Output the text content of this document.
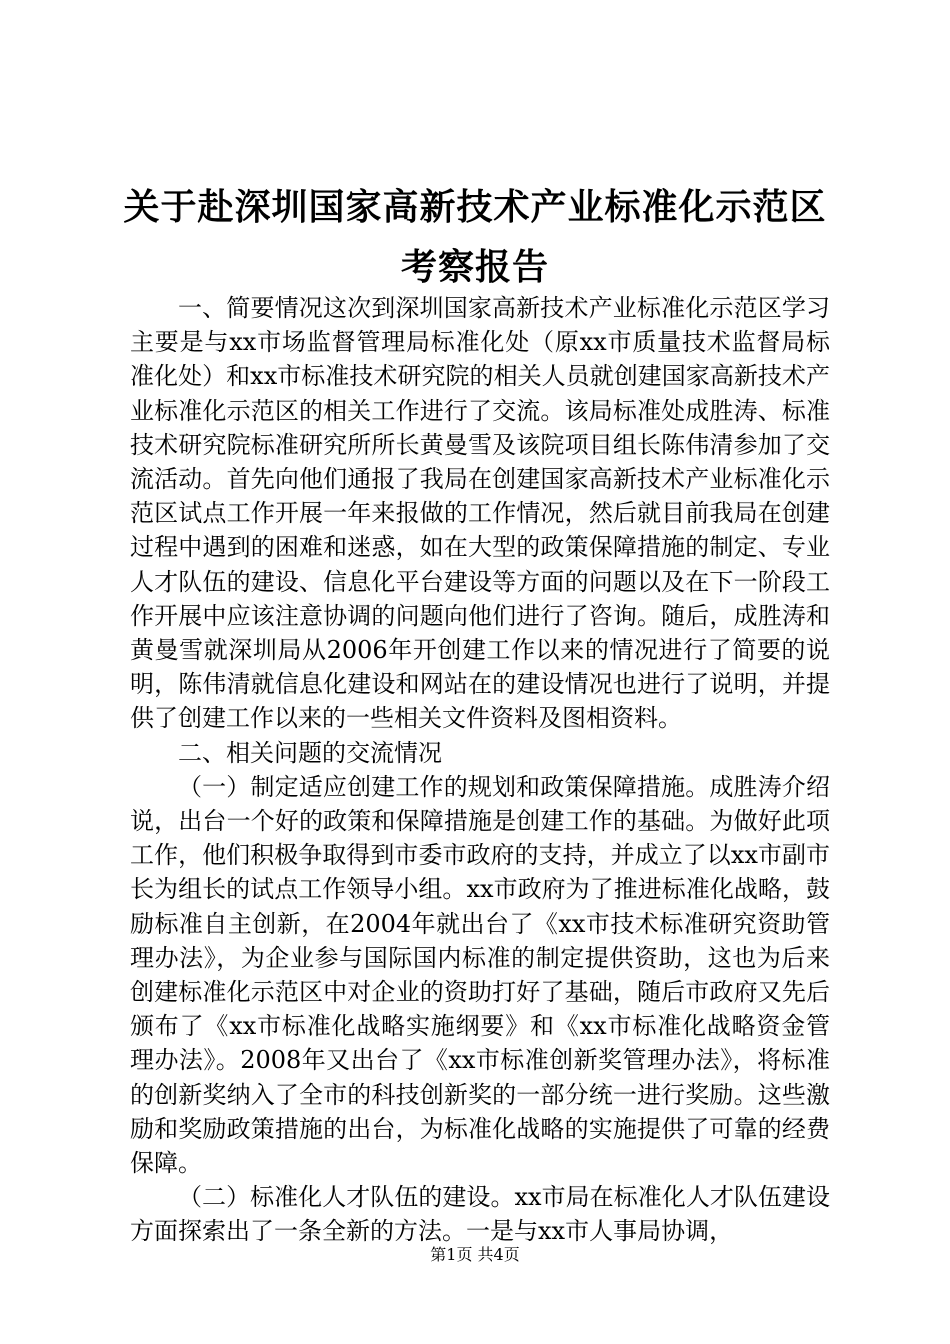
关于赴深圳国家高新技术产业标准化示范区考察报告

一、简要情况这次到深圳国家高新技术产业标准化示范区学习主要是与xx市场监督管理局标准化处（原xx市质量技术监督局标准化处）和xx市标准技术研究院的相关人员就创建国家高新技术产业标准化示范区的相关工作进行了交流。该局标准处成胜涛、标准技术研究院标准研究所所长黄曼雪及该院项目组长陈伟清参加了交流活动。首先向他们通报了我局在创建国家高新技术产业标准化示范区试点工作开展一年来报做的工作情况，然后就目前我局在创建过程中遇到的困难和迷惑，如在大型的政策保障措施的制定、专业人才队伍的建设、信息化平台建设等方面的问题以及在下一阶段工作开展中应该注意协调的问题向他们进行了咨询。随后，成胜涛和黄曼雪就深圳局从2006年开创建工作以来的情况进行了简要的说明，陈伟清就信息化建设和网站在的建设情况也进行了说明，并提供了创建工作以来的一些相关文件资料及图相资料。

二、相关问题的交流情况

（一）制定适应创建工作的规划和政策保障措施。成胜涛介绍说，出台一个好的政策和保障措施是创建工作的基础。为做好此项工作，他们积极争取得到市委市政府的支持，并成立了以xx市副市长为组长的试点工作领导小组。xx市政府为了推进标准化战略，鼓励标准自主创新，在2004年就出台了《xx市技术标准研究资助管理办法》，为企业参与国际国内标准的制定提供资助，这也为后来创建标准化示范区中对企业的资助打好了基础，随后市政府又先后颁布了《xx市标准化战略实施纲要》和《xx市标准化战略资金管理办法》。2008年又出台了《xx市标准创新奖管理办法》，将标准的创新奖纳入了全市的科技创新奖的一部分统一进行奖励。这些激励和奖励政策措施的出台，为标准化战略的实施提供了可靠的经费保障。

（二）标准化人才队伍的建设。xx市局在标准化人才队伍建设方面探索出了一条全新的方法。一是与xx市人事局协调，

第1页 共4页
